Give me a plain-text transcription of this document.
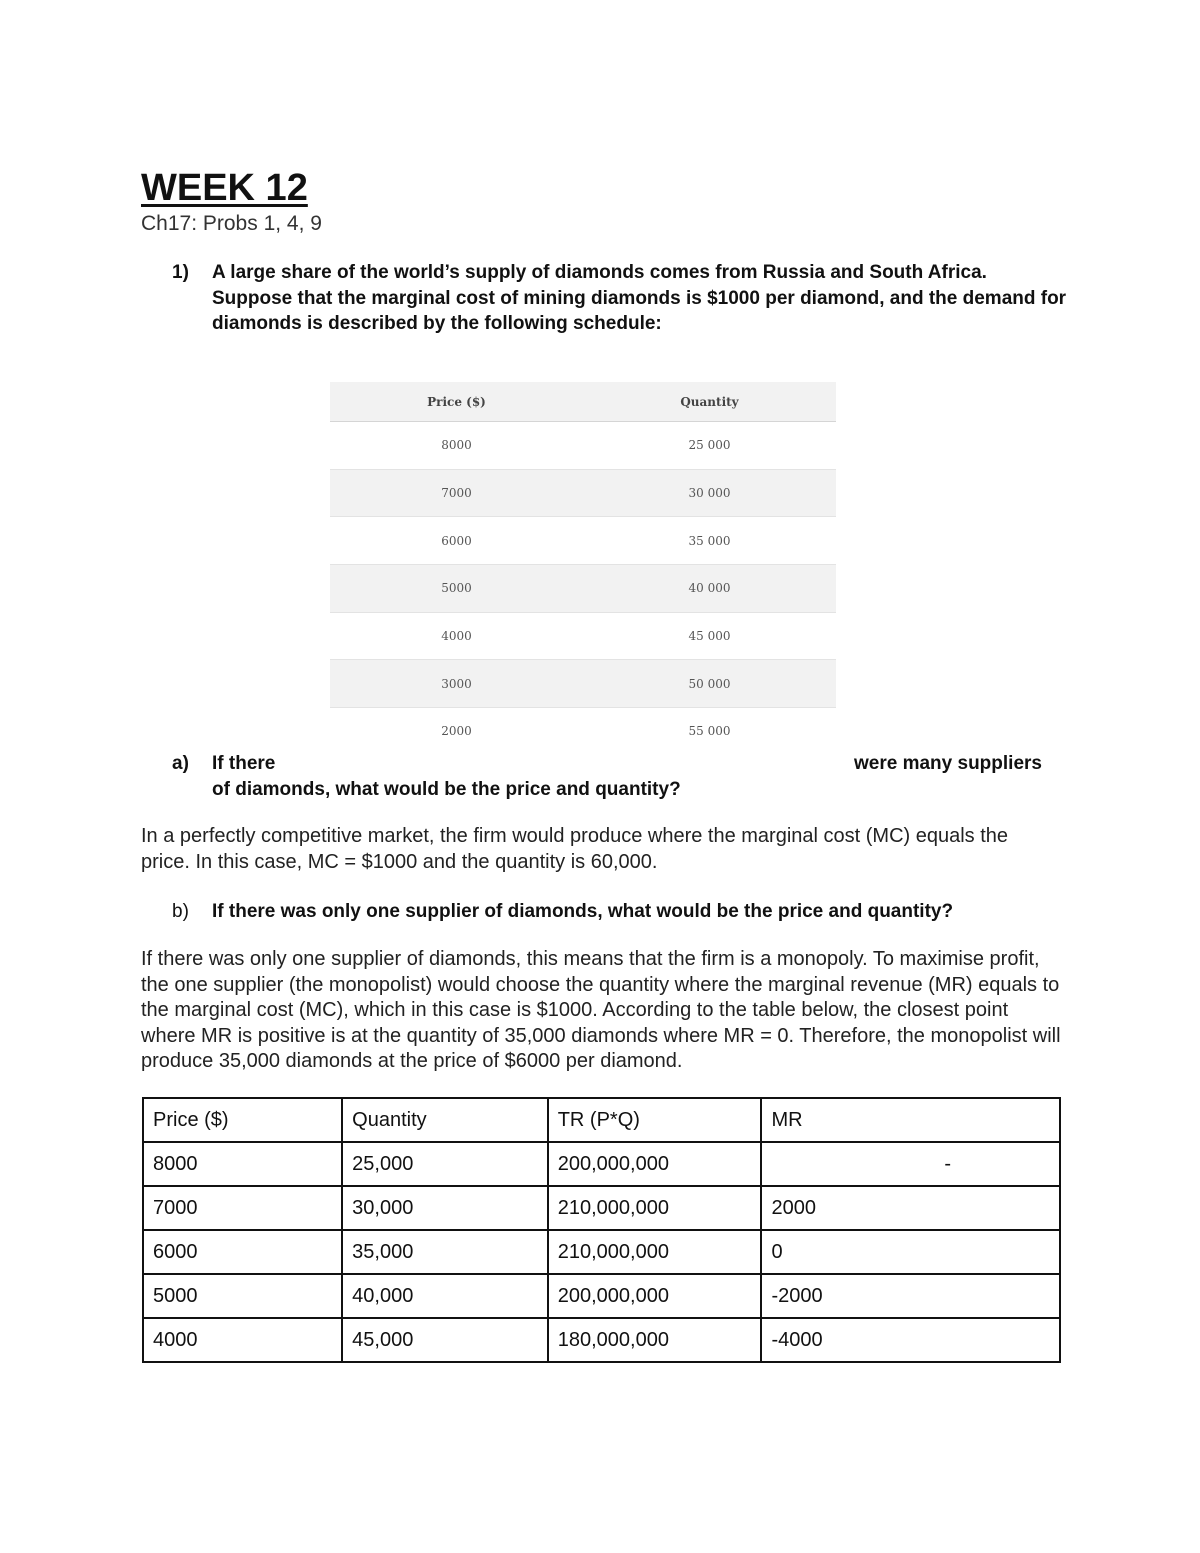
WEEK 12
Ch17: Probs 1, 4, 9
1) A large share of the world’s supply of diamonds comes from Russia and South Africa. Suppose that the marginal cost of mining diamonds is $1000 per diamond, and the demand for diamonds is described by the following schedule:
Price ($)	Quantity
8000	25 000
7000	30 000
6000	35 000
5000	40 000
4000	45 000
3000	50 000
2000	55 000
a) If there	were many suppliers
of diamonds, what would be the price and quantity?
In a perfectly competitive market, the firm would produce where the marginal cost (MC) equals the price. In this case, MC = $1000 and the quantity is 60,000.
b) If there was only one supplier of diamonds, what would be the price and quantity?
If there was only one supplier of diamonds, this means that the firm is a monopoly. To maximise profit, the one supplier (the monopolist) would choose the quantity where the marginal revenue (MR) equals to the marginal cost (MC), which in this case is $1000. According to the table below, the closest point where MR is positive is at the quantity of 35,000 diamonds where MR = 0. Therefore, the monopolist will produce 35,000 diamonds at the price of $6000 per diamond.
Price ($)	Quantity	TR (P*Q)	MR
8000	25,000	200,000,000	-
7000	30,000	210,000,000	2000
6000	35,000	210,000,000	0
5000	40,000	200,000,000	-2000
4000	45,000	180,000,000	-4000
